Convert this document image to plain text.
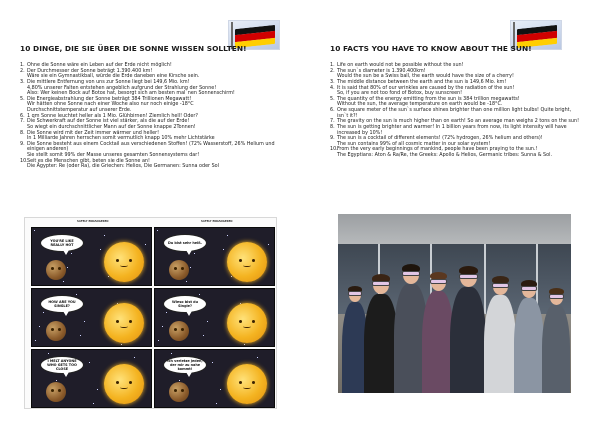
10 DINGE, DIE SIE ÜBER DIE SONNE WISSEN SOLLTEN!
1. Ohne die Sonne wäre ein Leben auf der Erde nicht möglich!
2. Der Durchmesser der Sonne beträgt 1.390.400 km!
Wäre sie ein Gymnastikball, würde die Erde daneben eine Kirsche sein.
3. Die mittlere Entfernung von uns zur Sonne liegt bei 149,6 Mio. km!
4,80% unserer Falten entstehen angeblich aufgrund der Strahlung der Sonne!
Also: Wer keinen Bock auf Botox hat, besorgt sich am besten mal`nen Sonnenschirm!
5. Die Energieabstrahlung der Sonne beträgt 384 Trillionen Megawatt!
Wir hätten ohne Sonne nach einer Woche also nur noch einige -18°C
Durchschnittstemperatur auf unserer Erde.
6. 1 qm Sonne leuchtet heller als 1 Mio. Glühbirnen! Ziemlich hell! Oder?
7. Die Schwerkraft auf der Sonne ist viel stärker, als die auf der Erde!
So wiegt ein durchschnittlicher Mann auf der Sonne knappe 2Tonnen!
8. Die Sonne wird mit der Zeit immer wärmer und heller!
In 1 Milliarde Jahren herrschen somit vermutlich knapp 10% mehr Lichtstärke
9. Die Sonne besteht aus einem Cocktail aus verschiedenen Stoffen! (72% Wasserstoff, 26% Helium und einigen anderen)
Sie stellt somit 99% der Masse unseres gesamten Sonnensystems dar!
10. Seit es die Menschen gibt, beten sie die Sonne an!
Die Ägypter: Re (oder Ra), die Griechen: Helios, Die Germanen: Sunna oder Sol
SAFELY ENDANGERED	SAFELY ENDANGERED
YOU'RE LIKE REALLY HOT
HOW ARE YOU SINGLE?
I MELT ANYONE WHO GETS TOO CLOSE
Du bist sehr heiß.
Wieso bist du Single?
Ich verletze jeden, der mir zu nahe kommt!
10 FACTS YOU HAVE TO KNOW ABOUT THE SUN!
1. Life on earth would not be possible without the sun!
2. The sun`s diameter is 1.390.400km!
Would the sun be a Swiss ball, the earth would have the size of a cherry!
3. The middle distance between the earth and the sun is 149,6 Mio. km!
4. It is said that 80% of our wrinkles are caused by the radiation of the sun!
So, if you are not too fond of Botox, buy sunscreen!
5. The quantity of the energy emitting from the sun is 384 trillion megawatts!
Without the sun, the average temperature on earth would be -18°C.
6. One square meter of the sun`s surface shines brighter than one million light bulbs! Quite bright, isn`t it?!
7. The gravity on the sun is much higher than on earth! So an average man weighs 2 tons on the sun!
8. The sun is getting brighter and warmer! In 1 billion years from now, its light intensity will have increased by 10%!
9. The sun is a cocktail of different elements! (72% hydrogen, 26% helium and others)!
The sun contains 99% of all cosmic matter in our solar system!
10. From the very early beginnings of mankind, people have been praying to the sun.!
The Egyptians: Aton & Ra/Re, the Greeks: Apollo & Helios, Germanic tribes: Sunna & Sol.
